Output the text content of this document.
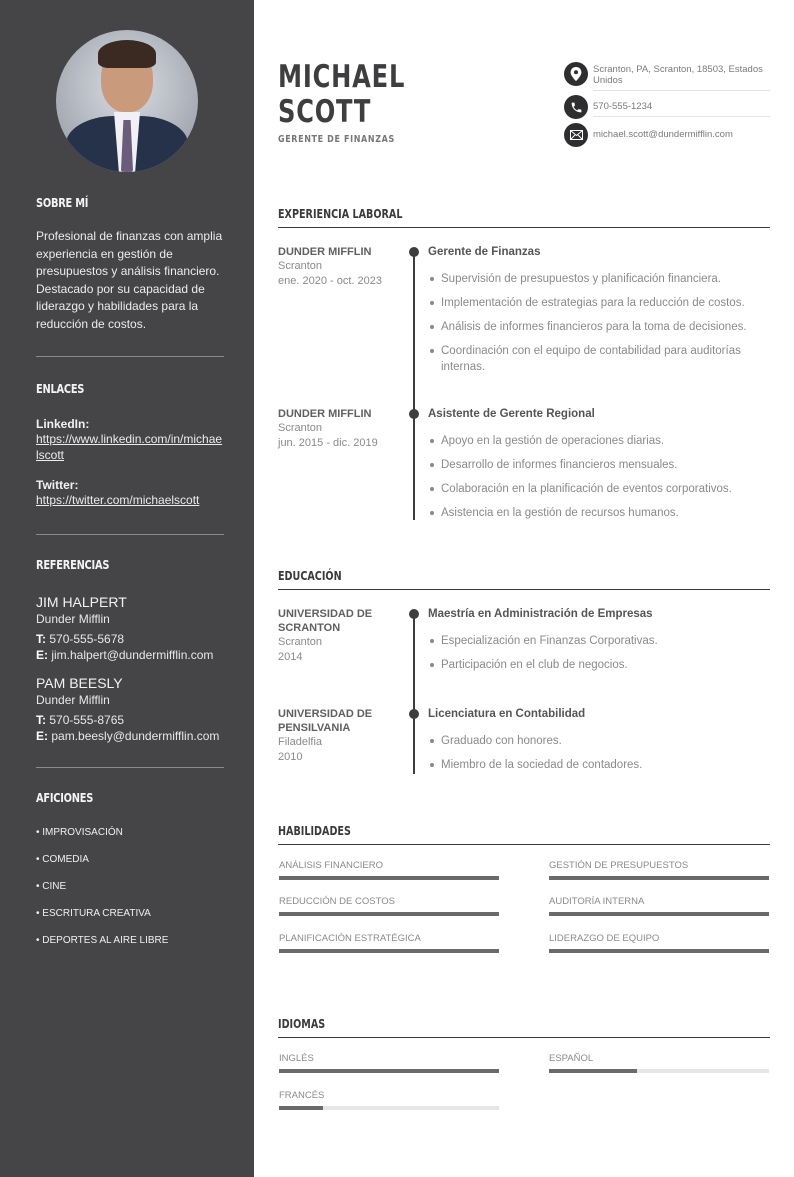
SOBRE MÍ

Profesional de finanzas con amplia experiencia en gestión de presupuestos y análisis financiero. Destacado por su capacidad de liderazgo y habilidades para la reducción de costos.

ENLACES
LinkedIn:
https://www.linkedin.com/in/michaelscott
Twitter:
https://twitter.com/michaelscott
REFERENCIAS
JIM HALPERT
Dunder Mifflin
T: 570-555-5678
E: jim.halpert@dundermifflin.com
PAM BEESLY
Dunder Mifflin
T: 570-555-8765
E: pam.beesly@dundermifflin.com
AFICIONES
• IMPROVISACIÓN
• COMEDIA
• CINE
• ESCRITURA CREATIVA
• DEPORTES AL AIRE LIBRE
MICHAEL
SCOTT
GERENTE DE FINANZAS
Scranton, PA, Scranton, 18503, Estados Unidos
570-555-1234
michael.scott@dundermifflin.com
EXPERIENCIA LABORAL
DUNDER MIFFLIN
Scranton
ene. 2020 - oct. 2023
Gerente de Finanzas
Supervisión de presupuestos y planificación financiera.
Implementación de estrategias para la reducción de costos.
Análisis de informes financieros para la toma de decisiones.
Coordinación con el equipo de contabilidad para auditorías internas.
DUNDER MIFFLIN
Scranton
jun. 2015 - dic. 2019
Asistente de Gerente Regional
Apoyo en la gestión de operaciones diarias.
Desarrollo de informes financieros mensuales.
Colaboración en la planificación de eventos corporativos.
Asistencia en la gestión de recursos humanos.
EDUCACIÓN
UNIVERSIDAD DE SCRANTON
Scranton
2014
Maestría en Administración de Empresas
Especialización en Finanzas Corporativas.
Participación en el club de negocios.
UNIVERSIDAD DE PENSILVANIA
Filadelfia
2010
Licenciatura en Contabilidad
Graduado con honores.
Miembro de la sociedad de contadores.
HABILIDADES
ANÁLISIS FINANCIERO	GESTIÓN DE PRESUPUESTOS
REDUCCIÓN DE COSTOS	AUDITORÍA INTERNA
PLANIFICACIÓN ESTRATÉGICA	LIDERAZGO DE EQUIPO
IDIOMAS
INGLÉS	ESPAÑOL
FRANCÉS
